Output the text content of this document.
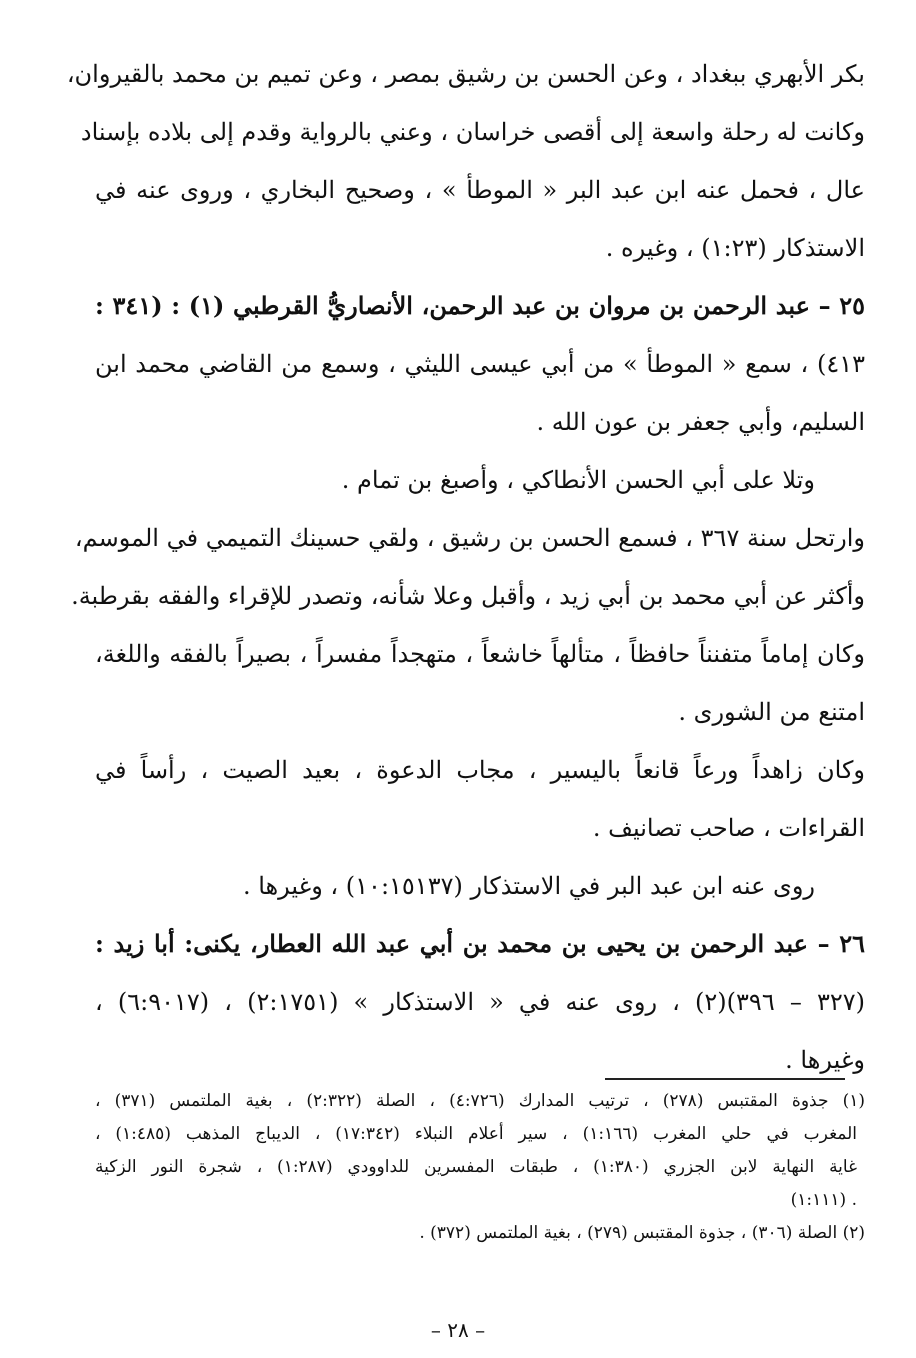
بكر الأبهري ببغداد ، وعن الحسن بن رشيق بمصر ، وعن تميم بن محمد بالقيروان،
وكانت له رحلة واسعة إلى أقصى خراسان ، وعني بالرواية وقدم إلى بلاده بإسناد
عال ، فحمل عنه ابن عبد البر « الموطأ » ، وصحيح البخاري ، وروى عنه في
الاستذكار (١:٢٣) ، وغيره .
٢٥ – عبد الرحمن بن مروان بن عبد الرحمن، الأنصاريُّ القرطبي (١) : (٣٤١ :
٤١٣) ، سمع « الموطأ » من أبي عيسى الليثي ، وسمع من القاضي محمد ابن
السليم، وأبي جعفر بن عون الله .
وتلا على أبي الحسن الأنطاكي ، وأصبغ بن تمام .
وارتحل سنة ٣٦٧ ، فسمع الحسن بن رشيق ، ولقي حسينك التميمي في الموسم،
وأكثر عن أبي محمد بن أبي زيد ، وأقبل وعلا شأنه، وتصدر للإقراء والفقه بقرطبة.
وكان إماماً متفنناً حافظاً ، متألهاً خاشعاً ، متهجداً مفسراً ، بصيراً بالفقه واللغة،
امتنع من الشورى .
وكان زاهداً ورعاً قانعاً باليسير ، مجاب الدعوة ، بعيد الصيت ، رأساً في
القراءات ، صاحب تصانيف .
روى عنه ابن عبد البر في الاستذكار (١٠:١٥١٣٧) ، وغيرها .
٢٦ – عبد الرحمن بن يحيى بن محمد بن أبي عبد الله العطار، يكنى: أبا زيد :
(٣٢٧ – ٣٩٦)(٢) ، روى عنه في « الاستذكار » (٢:١٧٥١) ، (٦:٩٠١٧) ،
وغيرها .
(١) جذوة المقتبس (٢٧٨) ، ترتيب المدارك (٤:٧٢٦) ، الصلة (٢:٣٢٢) ، بغية الملتمس (٣٧١) ،
المغرب في حلي المغرب (١:١٦٦) ، سير أعلام النبلاء (١٧:٣٤٢) ، الديباج المذهب (١:٤٨٥) ،
غاية النهاية لابن الجزري (١:٣٨٠) ، طبقات المفسرين للداوودي (١:٢٨٧) ، شجرة النور الزكية
(١:١١١) .
(٢) الصلة (٣٠٦) ، جذوة المقتبس (٢٧٩) ، بغية الملتمس (٣٧٢) .
– ٢٨ –
